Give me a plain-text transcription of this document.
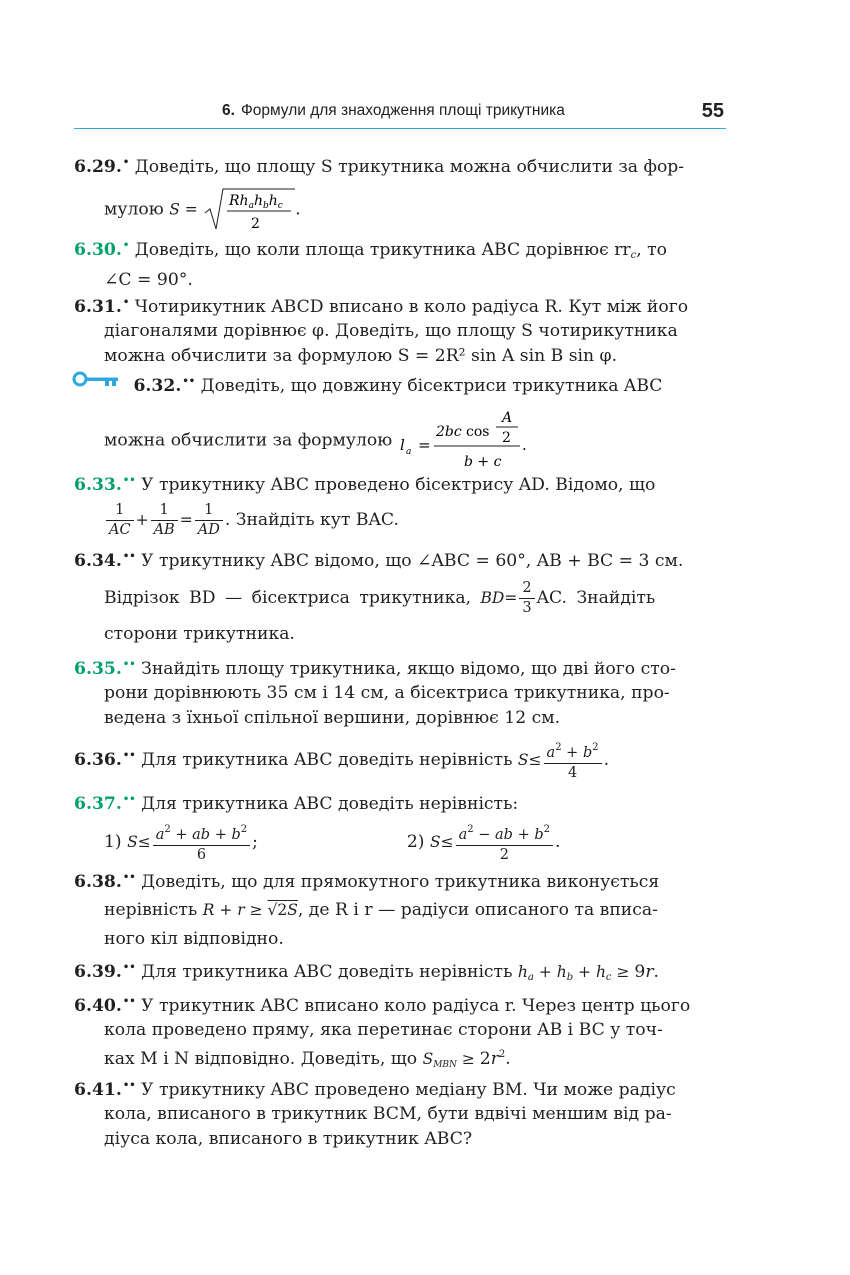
6. Формули для знаходження площі трикутника	55
6.29.• Доведіть, що площу S трикутника можна обчислити за фор-
мулою $S = Rh_ah_bh_c$
2
.
6.30.• Доведіть, що коли площа трикутника ABC дорівнює rrc, то
∠C = 90°.
6.31.• Чотирикутник ABCD вписано в коло радіуса R. Кут між його
діагоналями дорівнює φ. Доведіть, що площу S чотирикутника
можна обчислити за формулою S = 2R² sin A sin B sin φ.
6.32.•• Доведіть, що довжину бісектриси трикутника ABC
можна обчислити за формулою l a =
2bc cos
A
2
b + c
.
6.33.•• У трикутнику ABC проведено бісектрису AD. Відомо, що
$\frac{1}{AC} + \frac{1}{AB} = \frac{1}{AD}$ . Знайдіть кут BAC.
6.34.•• У трикутнику ABC відомо, що ∠ABC = 60°, AB + BC = 3 см.
Відрізок BD — бісектриса трикутника, $BD= \frac{2}{3}$ AC. Знайдіть
сторони трикутника.
6.35.•• Знайдіть площу трикутника, якщо відомо, що дві його сто-
рони дорівнюють 35 см і 14 см, а бісектриса трикутника, про-
ведена з їхньої спільної вершини, дорівнює 12 см.
6.36.•• Для трикутника ABC доведіть нерівність $S\le \frac{a^2 + b^2}{4}$ .
6.37.•• Для трикутника ABC доведіть нерівність:
1) $S\le \frac{a^2 + ab + b^2}{6}$ ;	2) $S\le \frac{a^2 - ab + b^2}{2}$ .
6.38.•• Доведіть, що для прямокутного трикутника виконується
нерівність R + r ≥ √2S, де R і r — радіуси описаного та вписа-
ного кіл відповідно.
6.39.•• Для трикутника ABC доведіть нерівність ha + hb + hc ≥ 9r.
6.40.•• У трикутник ABC вписано коло радіуса r. Через центр цього
кола проведено пряму, яка перетинає сторони AB і BC у точ-
ках M і N відповідно. Доведіть, що SMBN ≥ $2r^2$.
6.41.•• У трикутнику ABC проведено медіану BM. Чи може радіус
кола, вписаного в трикутник BCM, бути вдвічі меншим від ра-
діуса кола, вписаного в трикутник ABC?
